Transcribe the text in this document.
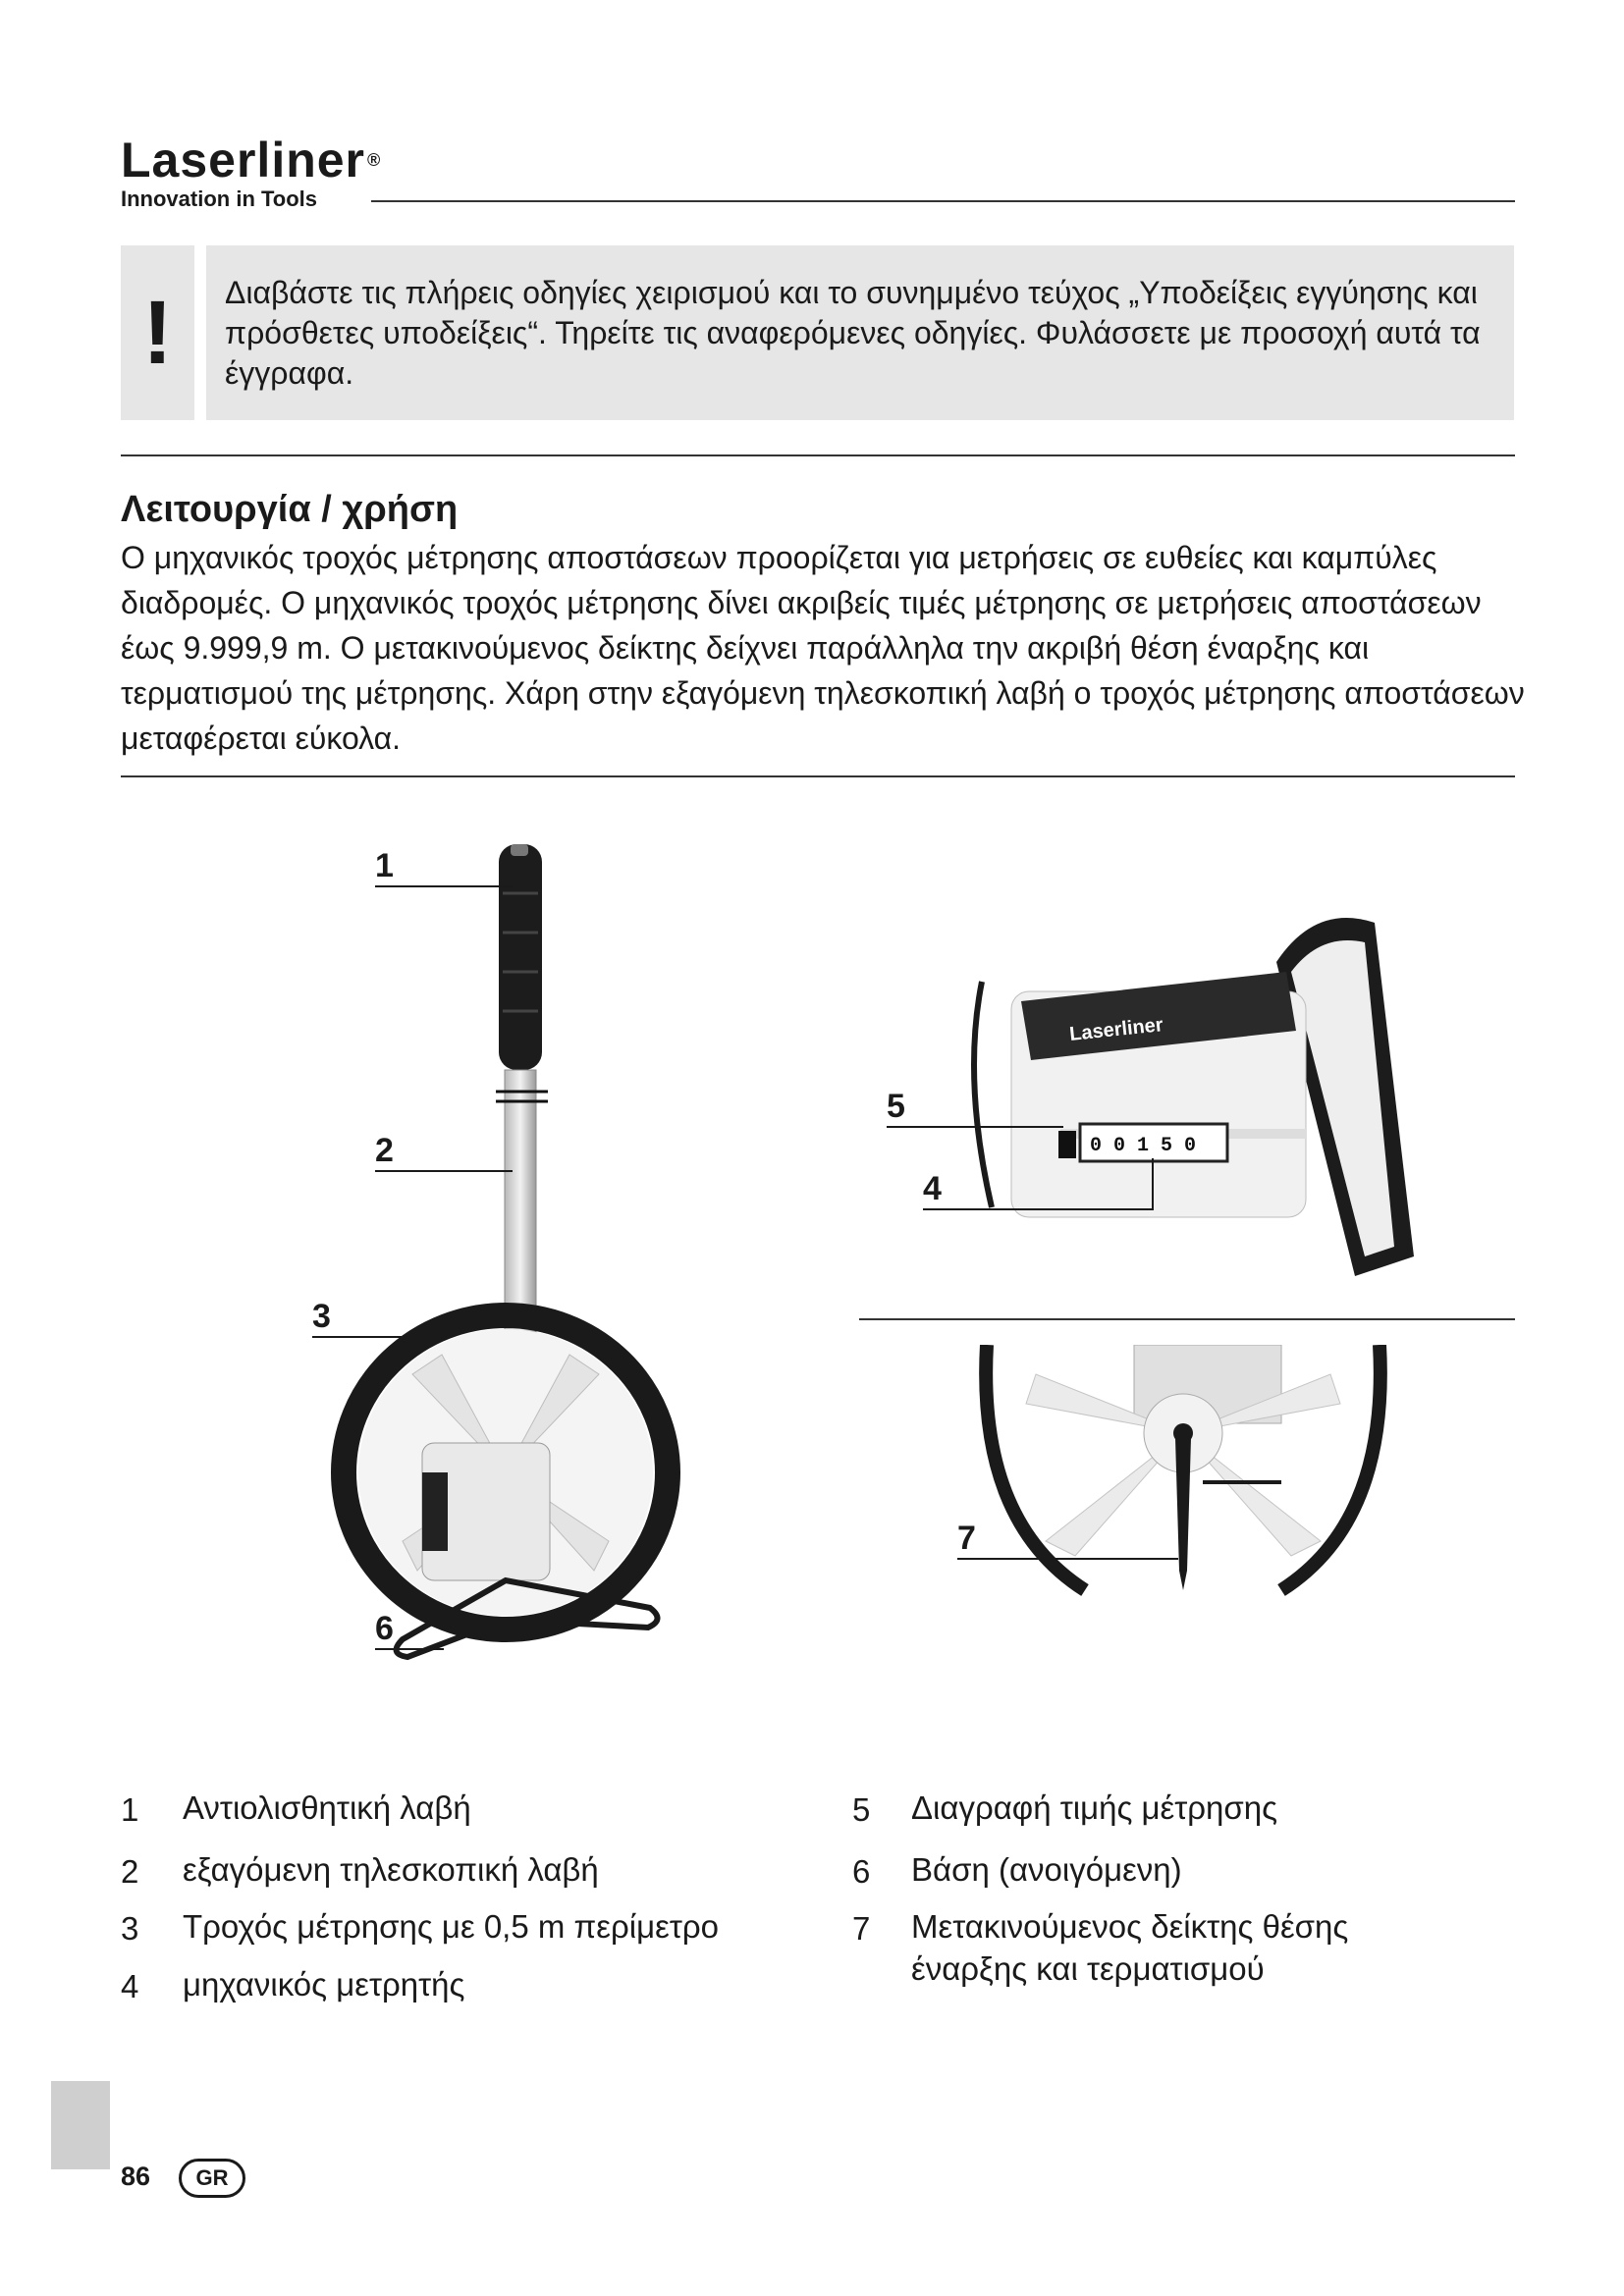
Laserliner ®
Innovation in Tools
!	Διαβάστε τις πλήρεις οδηγίες χειρισμού και το συνημμένο τεύχος „Υποδείξεις εγγύησης και πρόσθετες υποδείξεις“. Τηρείτε τις αναφερόμενες οδηγίες. Φυλάσσετε με προσοχή αυτά τα έγγραφα.
Λειτουργία / χρήση
Ο μηχανικός τροχός μέτρησης αποστάσεων προορίζεται για μετρήσεις σε ευθείες και καμπύλες διαδρομές. Ο μηχανικός τροχός μέτρησης δίνει ακριβείς τιμές μέτρησης σε μετρήσεις αποστάσεων έως 9.999,9 m. Ο μετακινούμενος δείκτης δείχνει παράλληλα την ακριβή θέση έναρξης και τερματισμού της μέτρησης. Χάρη στην εξαγόμενη τηλεσκοπική λαβή ο τροχός μέτρησης αποστάσεων μεταφέρεται εύκολα.
1
2
3
6
Laserliner
0 0 1 5 0
5
4
7
1 Αντιολισθητική λαβή
2 εξαγόμενη τηλεσκοπική λαβή
3 Τροχός μέτρησης με 0,5 m περίμετρο
4 μηχανικός μετρητής
5 Διαγραφή τιμής μέτρησης
6 Βάση (ανοιγόμενη)
7 Μετακινούμενος δείκτης θέσης έναρξης και τερματισμού
86	GR
